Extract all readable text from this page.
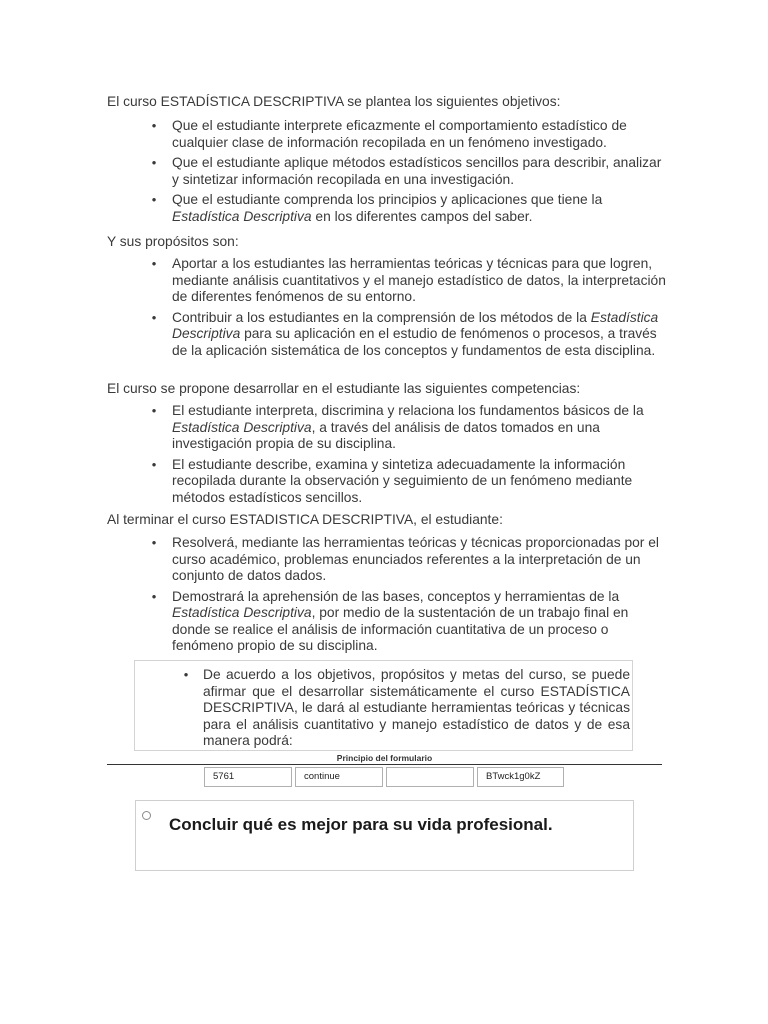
El curso ESTADÍSTICA DESCRIPTIVA se plantea los siguientes objetivos:

• Que el estudiante interprete eficazmente el comportamiento estadístico de cualquier clase de información recopilada en un fenómeno investigado.
• Que el estudiante aplique métodos estadísticos sencillos para describir, analizar y sintetizar información recopilada en una investigación.
• Que el estudiante comprenda los principios y aplicaciones que tiene la Estadística Descriptiva en los diferentes campos del saber.

Y sus propósitos son:

• Aportar a los estudiantes las herramientas teóricas y técnicas para que logren, mediante análisis cuantitativos y el manejo estadístico de datos, la interpretación de diferentes fenómenos de su entorno.
• Contribuir a los estudiantes en la comprensión de los métodos de la Estadística Descriptiva para su aplicación en el estudio de fenómenos o procesos, a través de la aplicación sistemática de los conceptos y fundamentos de esta disciplina.

El curso se propone desarrollar en el estudiante las siguientes competencias:

• El estudiante interpreta, discrimina y relaciona los fundamentos básicos de la Estadística Descriptiva, a través del análisis de datos tomados en una investigación propia de su disciplina.
• El estudiante describe, examina y sintetiza adecuadamente la información recopilada durante la observación y seguimiento de un fenómeno mediante métodos estadísticos sencillos.

Al terminar el curso ESTADISTICA DESCRIPTIVA, el estudiante:

• Resolverá, mediante las herramientas teóricas y técnicas proporcionadas por el curso académico, problemas enunciados referentes a la interpretación de un conjunto de datos dados.
• Demostrará la aprehensión de las bases, conceptos y herramientas de la Estadística Descriptiva, por medio de la sustentación de un trabajo final en donde se realice el análisis de información cuantitativa de un proceso o fenómeno propio de su disciplina.
• De acuerdo a los objetivos, propósitos y metas del curso, se puede afirmar que el desarrollar sistemáticamente el curso ESTADÍSTICA DESCRIPTIVA, le dará al estudiante herramientas teóricas y técnicas para el análisis cuantitativo y manejo estadístico de datos y de esa manera podrá:

Principio del formulario
5761	continue	BTwck1g0kZ
Concluir qué es mejor para su vida profesional.
